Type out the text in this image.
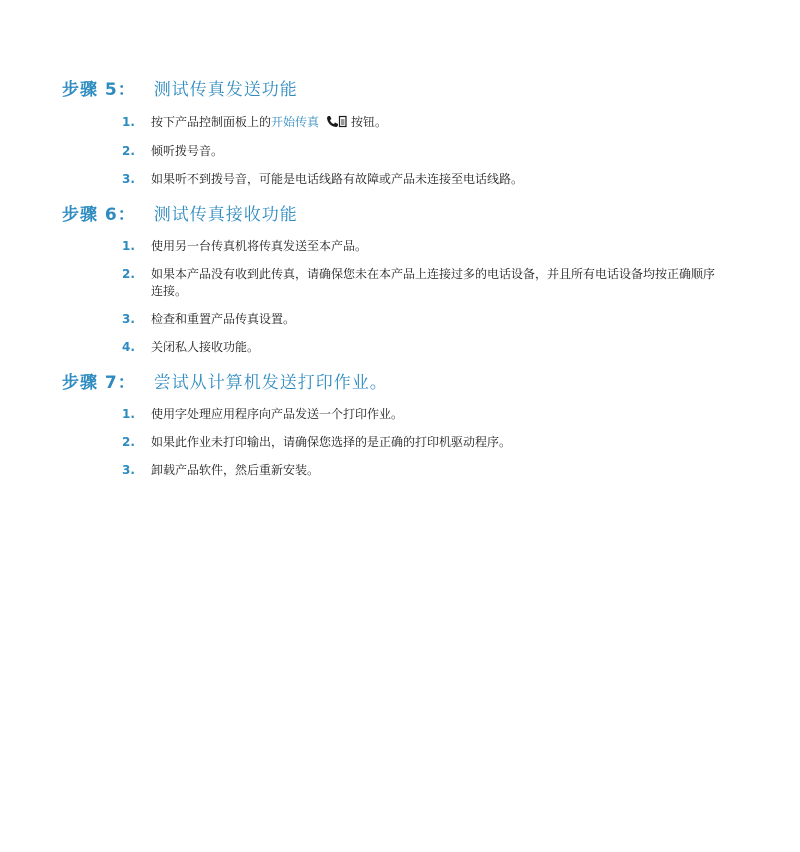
步骤 5： 测试传真发送功能
1.	按下产品控制面板上的开始传真	按钮。
2.	倾听拨号音。
3.	如果听不到拨号音，可能是电话线路有故障或产品未连接至电话线路。
步骤 6： 测试传真接收功能
1.	使用另一台传真机将传真发送至本产品。
2.	如果本产品没有收到此传真，请确保您未在本产品上连接过多的电话设备，并且所有电话设备均按正确顺序连接。
3.	检查和重置产品传真设置。
4.	关闭私人接收功能。
步骤 7： 尝试从计算机发送打印作业。
1.	使用字处理应用程序向产品发送一个打印作业。
2.	如果此作业未打印输出，请确保您选择的是正确的打印机驱动程序。
3.	卸载产品软件，然后重新安装。
